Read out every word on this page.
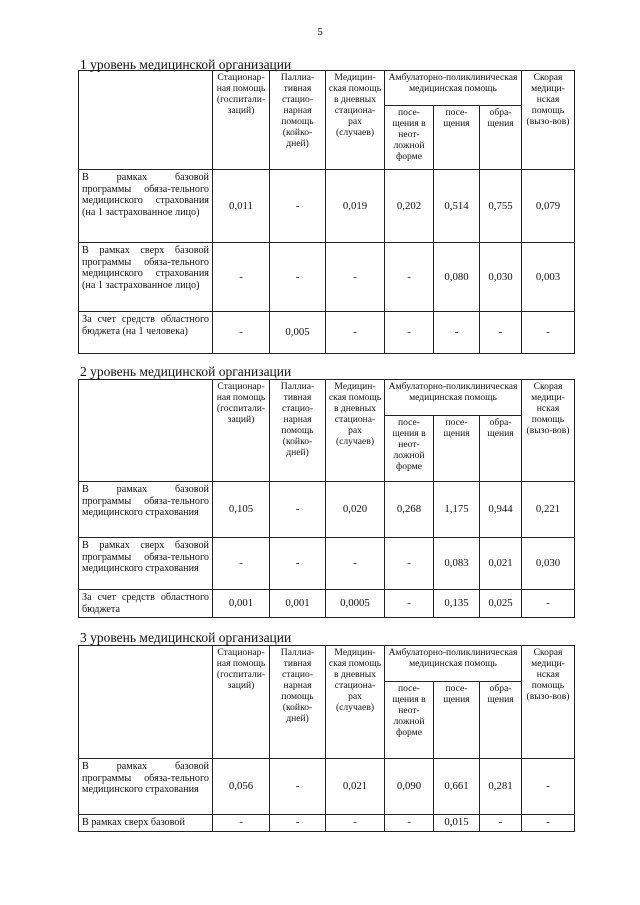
5
1 уровень медицинской организации
	Стационар-ная помощь (госпитали-заций)	Паллиа-тивная стацио-нарная помощь (койко-дней)	Медицин-ская помощь в дневных стациона-рах (случаев)	Амбулаторно-поликлиническая медицинская помощь			Скорая медици-нская помощь (вызо-вов)
				посе-щения в неот-ложной форме	посе-щения	обра-щения	
В рамках базовой программы обяза-тельного медицинского страхования (на 1 застрахованное лицо)	0,011	-	0,019	0,202	0,514	0,755	0,079
В рамках сверх базовой программы обяза-тельного медицинского страхования (на 1 застрахованное лицо)	-	-	-	-	0,080	0,030	0,003
За счет средств областного бюджета (на 1 человека)	-	0,005	-	-	-	-	-
2 уровень медицинской организации
	Стационар-ная помощь (госпитали-заций)	Паллиа-тивная стацио-нарная помощь (койко-дней)	Медицин-ская помощь в дневных стациона-рах (случаев)	Амбулаторно-поликлиническая медицинская помощь			Скорая медици-нская помощь (вызо-вов)
				посе-щения в неот-ложной форме	посе-щения	обра-щения	
В рамках базовой программы обяза-тельного медицинского страхования	0,105	-	0,020	0,268	1,175	0,944	0,221
В рамках сверх базовой программы обяза-тельного медицинского страхования	-	-	-	-	0,083	0,021	0,030
За счет средств областного бюджета	0,001	0,001	0,0005	-	0,135	0,025	-
3 уровень медицинской организации
	Стационар-ная помощь (госпитали-заций)	Паллиа-тивная стацио-нарная помощь (койко-дней)	Медицин-ская помощь в дневных стациона-рах (случаев)	Амбулаторно-поликлиническая медицинская помощь			Скорая медици-нская помощь (вызо-вов)
				посе-щения в неот-ложной форме	посе-щения	обра-щения	
В рамках базовой программы обяза-тельного медицинского страхования	0,056	-	0,021	0,090	0,661	0,281	-
В рамках сверх базовой	-	-	-	-	0,015	-	-
